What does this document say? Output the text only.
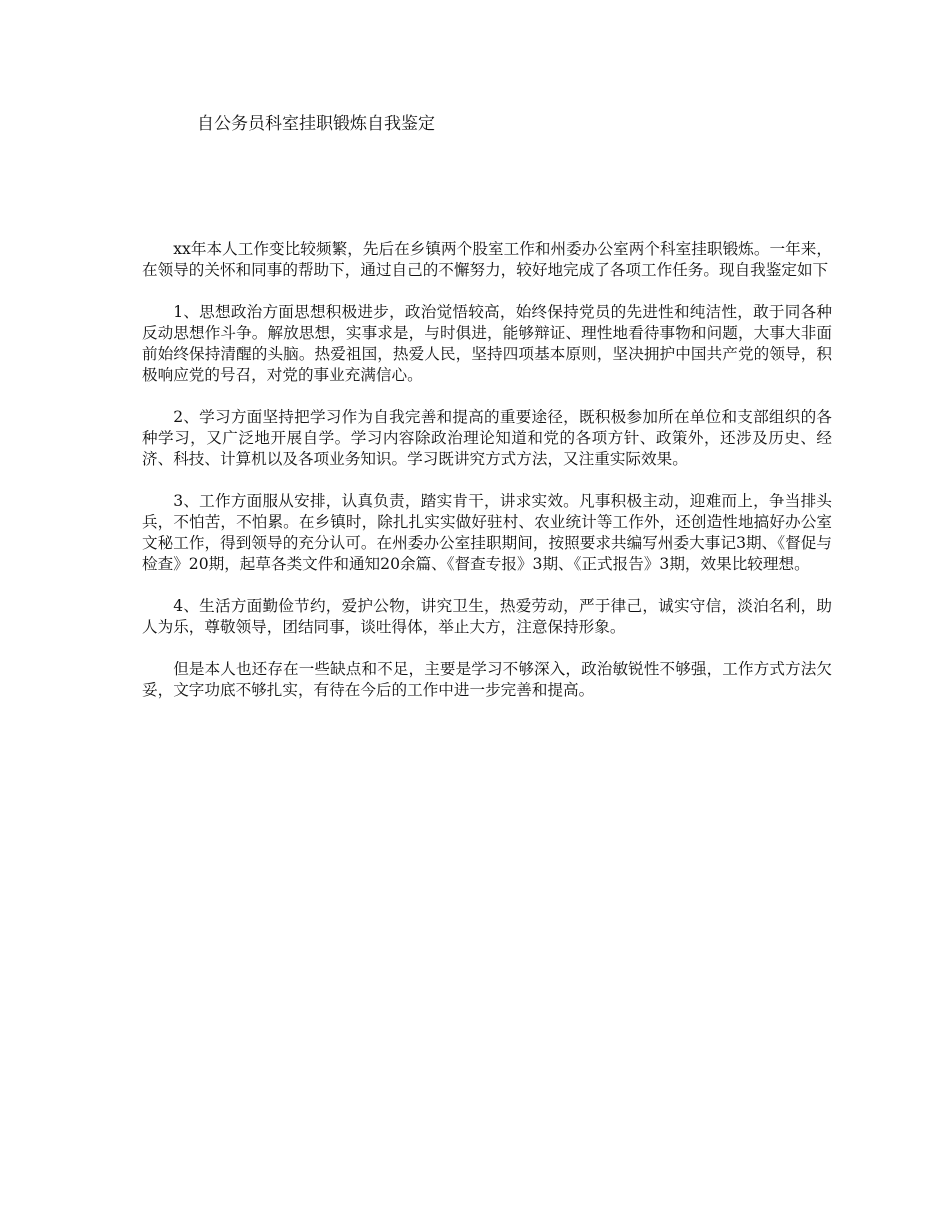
自公务员科室挂职锻炼自我鉴定

xx年本人工作变比较频繁，先后在乡镇两个股室工作和州委办公室两个科室挂职锻炼。一年来，在领导的关怀和同事的帮助下，通过自己的不懈努力，较好地完成了各项工作任务。现自我鉴定如下

1、思想政治方面思想积极进步，政治觉悟较高，始终保持党员的先进性和纯洁性，敢于同各种反动思想作斗争。解放思想，实事求是，与时俱进，能够辩证、理性地看待事物和问题，大事大非面前始终保持清醒的头脑。热爱祖国，热爱人民，坚持四项基本原则，坚决拥护中国共产党的领导，积极响应党的号召，对党的事业充满信心。

2、学习方面坚持把学习作为自我完善和提高的重要途径，既积极参加所在单位和支部组织的各种学习，又广泛地开展自学。学习内容除政治理论知道和党的各项方针、政策外，还涉及历史、经济、科技、计算机以及各项业务知识。学习既讲究方式方法，又注重实际效果。

3、工作方面服从安排，认真负责，踏实肯干，讲求实效。凡事积极主动，迎难而上，争当排头兵，不怕苦，不怕累。在乡镇时，除扎扎实实做好驻村、农业统计等工作外，还创造性地搞好办公室文秘工作，得到领导的充分认可。在州委办公室挂职期间，按照要求共编写州委大事记3期、《督促与检查》20期，起草各类文件和通知20余篇、《督查专报》3期、《正式报告》3期，效果比较理想。

4、生活方面勤俭节约，爱护公物，讲究卫生，热爱劳动，严于律己，诚实守信，淡泊名利，助人为乐，尊敬领导，团结同事，谈吐得体，举止大方，注意保持形象。

但是本人也还存在一些缺点和不足，主要是学习不够深入，政治敏锐性不够强，工作方式方法欠妥，文字功底不够扎实，有待在今后的工作中进一步完善和提高。
